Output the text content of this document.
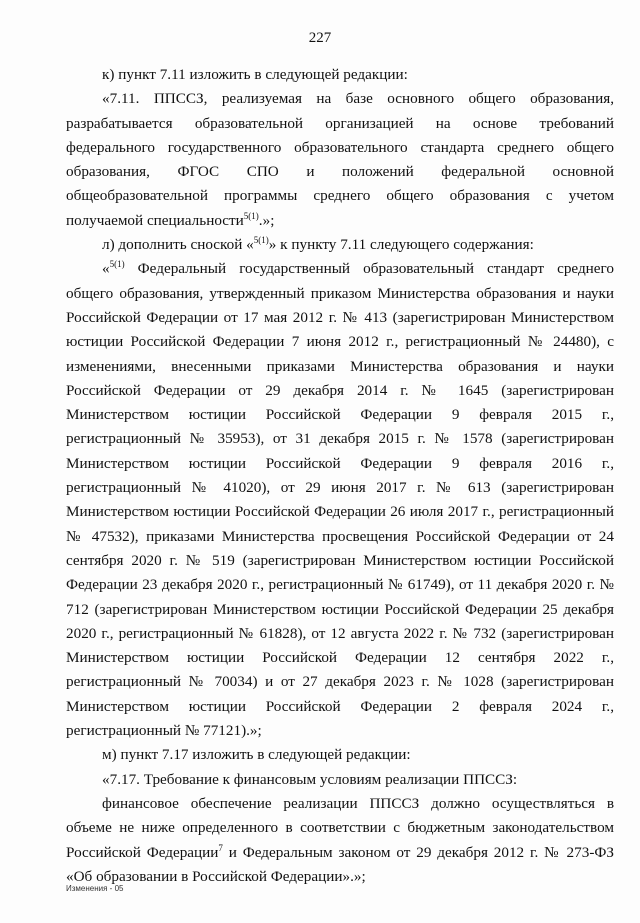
227

к) пункт 7.11 изложить в следующей редакции:

«7.11. ППССЗ, реализуемая на базе основного общего образования, разрабатывается образовательной организацией на основе требований федерального государственного образовательного стандарта среднего общего образования, ФГОС СПО и положений федеральной основной общеобразовательной программы среднего общего образования с учетом получаемой специальности$^{5(1)}$.»;

л) дополнить сноской «$^{5(1)}$» к пункту 7.11 следующего содержания:

«$^{5(1)}$ Федеральный государственный образовательный стандарт среднего общего образования, утвержденный приказом Министерства образования и науки Российской Федерации от 17 мая 2012 г. № 413 (зарегистрирован Министерством юстиции Российской Федерации 7 июня 2012 г., регистрационный № 24480), с изменениями, внесенными приказами Министерства образования и науки Российской Федерации от 29 декабря 2014 г. № 1645 (зарегистрирован Министерством юстиции Российской Федерации 9 февраля 2015 г., регистрационный № 35953), от 31 декабря 2015 г. № 1578 (зарегистрирован Министерством юстиции Российской Федерации 9 февраля 2016 г., регистрационный № 41020), от 29 июня 2017 г. № 613 (зарегистрирован Министерством юстиции Российской Федерации 26 июля 2017 г., регистрационный № 47532), приказами Министерства просвещения Российской Федерации от 24 сентября 2020 г. № 519 (зарегистрирован Министерством юстиции Российской Федерации 23 декабря 2020 г., регистрационный № 61749), от 11 декабря 2020 г. № 712 (зарегистрирован Министерством юстиции Российской Федерации 25 декабря 2020 г., регистрационный № 61828), от 12 августа 2022 г. № 732 (зарегистрирован Министерством юстиции Российской Федерации 12 сентября 2022 г., регистрационный № 70034) и от 27 декабря 2023 г. № 1028 (зарегистрирован Министерством юстиции Российской Федерации 2 февраля 2024 г., регистрационный № 77121).»;

м) пункт 7.17 изложить в следующей редакции:

«7.17. Требование к финансовым условиям реализации ППССЗ:

финансовое обеспечение реализации ППССЗ должно осуществляться в объеме не ниже определенного в соответствии с бюджетным законодательством Российской Федерации$^7$ и Федеральным законом от 29 декабря 2012 г. № 273-ФЗ «Об образовании в Российской Федерации».»;

Изменения - 05
